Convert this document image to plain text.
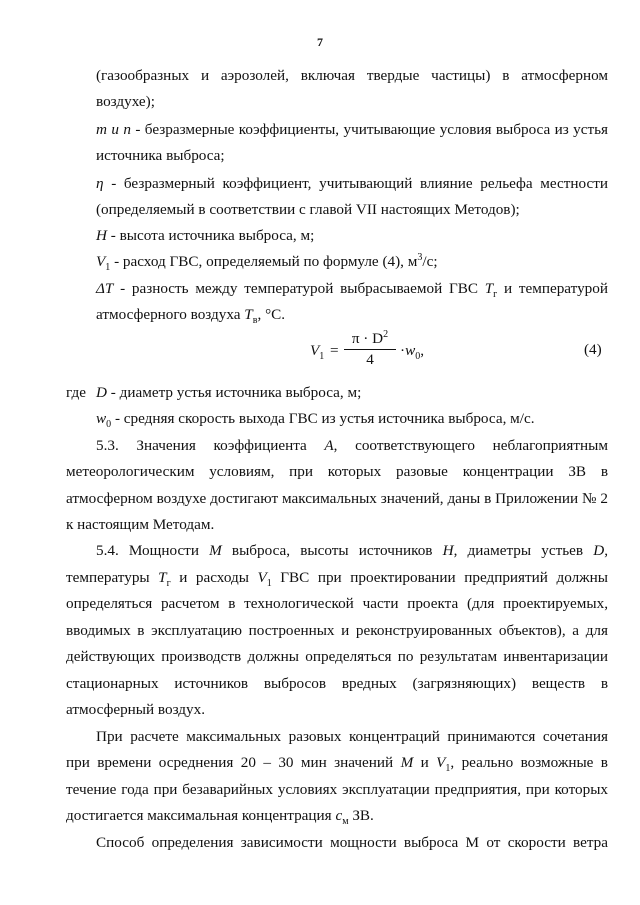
7
(газообразных и аэрозолей, включая твердые частицы) в атмосферном
воздухе);
m и n - безразмерные коэффициенты, учитывающие условия выброса из устья
источника выброса;
η - безразмерный коэффициент, учитывающий влияние рельефа местности
(определяемый в соответствии с главой VII настоящих Методов);
H - высота источника выброса, м;
$V_1$ - расход ГВС, определяемый по формуле (4), $м^3/с$;
ΔT - разность между температурой выбрасываемой ГВС $T_г$ и температурой
атмосферного воздуха $T_в$, °С.
$V_1$ =
$\pi \cdot D^2$
4
$\cdot w_0$,	(4)
где D - диаметр устья источника выброса, м;
$w_0$ - средняя скорость выхода ГВС из устья источника выброса, м/с.
5.3. Значения коэффициента A, соответствующего неблагоприятным
метеорологическим условиям, при которых разовые концентрации ЗВ в
атмосферном воздухе достигают максимальных значений, даны в Приложении № 2
к настоящим Методам.
5.4. Мощности M выброса, высоты источников H, диаметры устьев D,
температуры $T_г$ и расходы $V_1$ ГВС при проектировании предприятий должны
определяться расчетом в технологической части проекта (для проектируемых,
вводимых в эксплуатацию построенных и реконструированных объектов), а для
действующих производств должны определяться по результатам инвентаризации
стационарных источников выбросов вредных (загрязняющих) веществ в
атмосферный воздух.
При расчете максимальных разовых концентраций принимаются сочетания
при времени осреднения 20 – 30 мин значений M и $V_1$, реально возможные в
течение года при безаварийных условиях эксплуатации предприятия, при которых
достигается максимальная концентрация $c_м$ ЗВ.
Способ определения зависимости мощности выброса M от скорости ветра
